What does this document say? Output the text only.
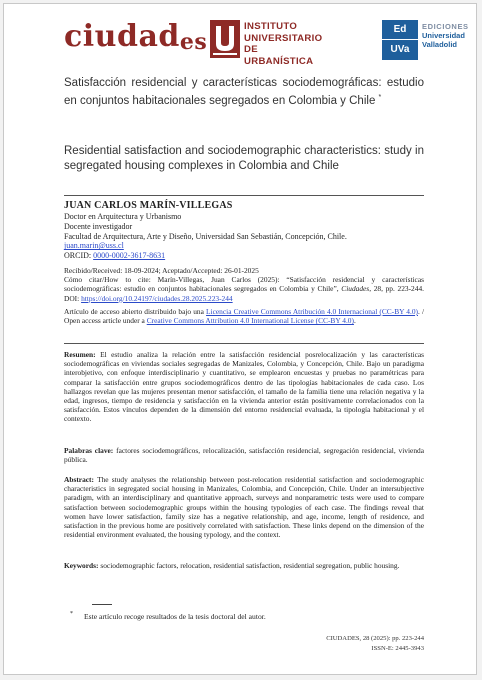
ciudades
INSTITUTO
UNIVERSITARIO
DE URBANÍSTICA
Ed
UVa
EDICIONES
Universidad
Valladolid
Satisfacción residencial y características sociodemográficas: estudio en conjuntos habitacionales segregados en Colombia y Chile *
Residential satisfaction and sociodemographic characteristics: study in segregated housing complexes in Colombia and Chile
JUAN CARLOS MARÍN-VILLEGAS
Doctor en Arquitectura y Urbanismo
Docente investigador
Facultad de Arquitectura, Arte y Diseño, Universidad San Sebastián, Concepción, Chile.
juan.marin@uss.cl
ORCID: 0000-0002-3617-8631
Recibido/Received: 18-09-2024; Aceptado/Accepted: 26-01-2025
Cómo citar/How to cite: Marín-Villegas, Juan Carlos (2025): “Satisfacción residencial y características sociodemográficas: estudio en conjuntos habitacionales segregados en Colombia y Chile”, Ciudades, 28, pp. 223-244. DOI: https://doi.org/10.24197/ciudades.28.2025.223-244
Artículo de acceso abierto distribuido bajo una Licencia Creative Commons Atribución 4.0 Internacional (CC-BY 4.0). / Open access article under a Creative Commons Attribution 4.0 International License (CC-BY 4.0).
Resumen: El estudio analiza la relación entre la satisfacción residencial posrelocalización y las características sociodemográficas en viviendas sociales segregadas de Manizales, Colombia, y Concepción, Chile. Bajo un paradigma interobjetivo, con enfoque interdisciplinario y cuantitativo, se emplearon encuestas y pruebas no paramétricas para comparar la satisfacción entre grupos sociodemográficos dentro de las tipologías habitacionales de cada caso. Los hallazgos revelan que las mujeres presentan menor satisfacción, el tamaño de la familia tiene una relación negativa y la edad, ingresos, tiempo de residencia y satisfacción en la vivienda anterior están positivamente correlacionados con la satisfacción. Estos vínculos dependen de la dimensión del entorno residencial evaluada, la tipología habitacional y el contexto.
Palabras clave: factores sociodemográficos, relocalización, satisfacción residencial, segregación residencial, vivienda pública.
Abstract: The study analyses the relationship between post-relocation residential satisfaction and sociodemographic characteristics in segregated social housing in Manizales, Colombia, and Concepción, Chile. Under an intersubjective paradigm, with an interdisciplinary and quantitative approach, surveys and nonparametric tests were used to compare satisfaction between sociodemographic groups within the housing typologies of each case. The findings reveal that women have lower satisfaction, family size has a negative relationship, and age, income, length of residence, and satisfaction in the previous home are positively correlated with satisfaction. These links depend on the dimension of the residential environment evaluated, the housing typology, and the context.
Keywords: sociodemographic factors, relocation, residential satisfaction, residential segregation, public housing.
* Este artículo recoge resultados de la tesis doctoral del autor.
CIUDADES, 28 (2025): pp. 223-244
ISSN-E: 2445-3943
